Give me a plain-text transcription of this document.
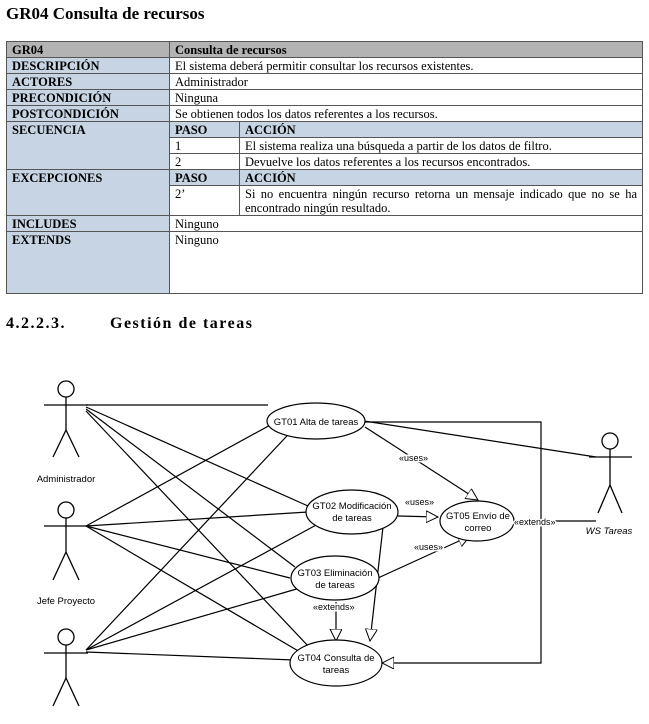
GR04 Consulta de recursos
GR04	Consulta de recursos	
DESCRIPCIÓN	El sistema deberá permitir consultar los recursos existentes.	
ACTORES	Administrador	
PRECONDICIÓN	Ninguna	
POSTCONDICIÓN	Se obtienen todos los datos referentes a los recursos.	
SECUENCIA	PASO	ACCIÓN
	1	El sistema realiza una búsqueda a partir de los datos de filtro.
	2	Devuelve los datos referentes a los recursos encontrados.
EXCEPCIONES	PASO	ACCIÓN
	2’	Si no encuentra ningún recurso retorna un mensaje indicado que no se ha encontrado ningún resultado.
INCLUDES	Ninguno	
EXTENDS	Ninguno	
4.2.2.3.	Gestión de tareas
GT01 Alta de tareas
GT02 Modificación
de tareas
GT03 Eliminación
de tareas
GT04 Consulta de
tareas
GT05 Envío de
correo
«uses»
«uses»
«uses»
«extends»
«extends»
Administrador
Jefe Proyecto
WS Tareas
